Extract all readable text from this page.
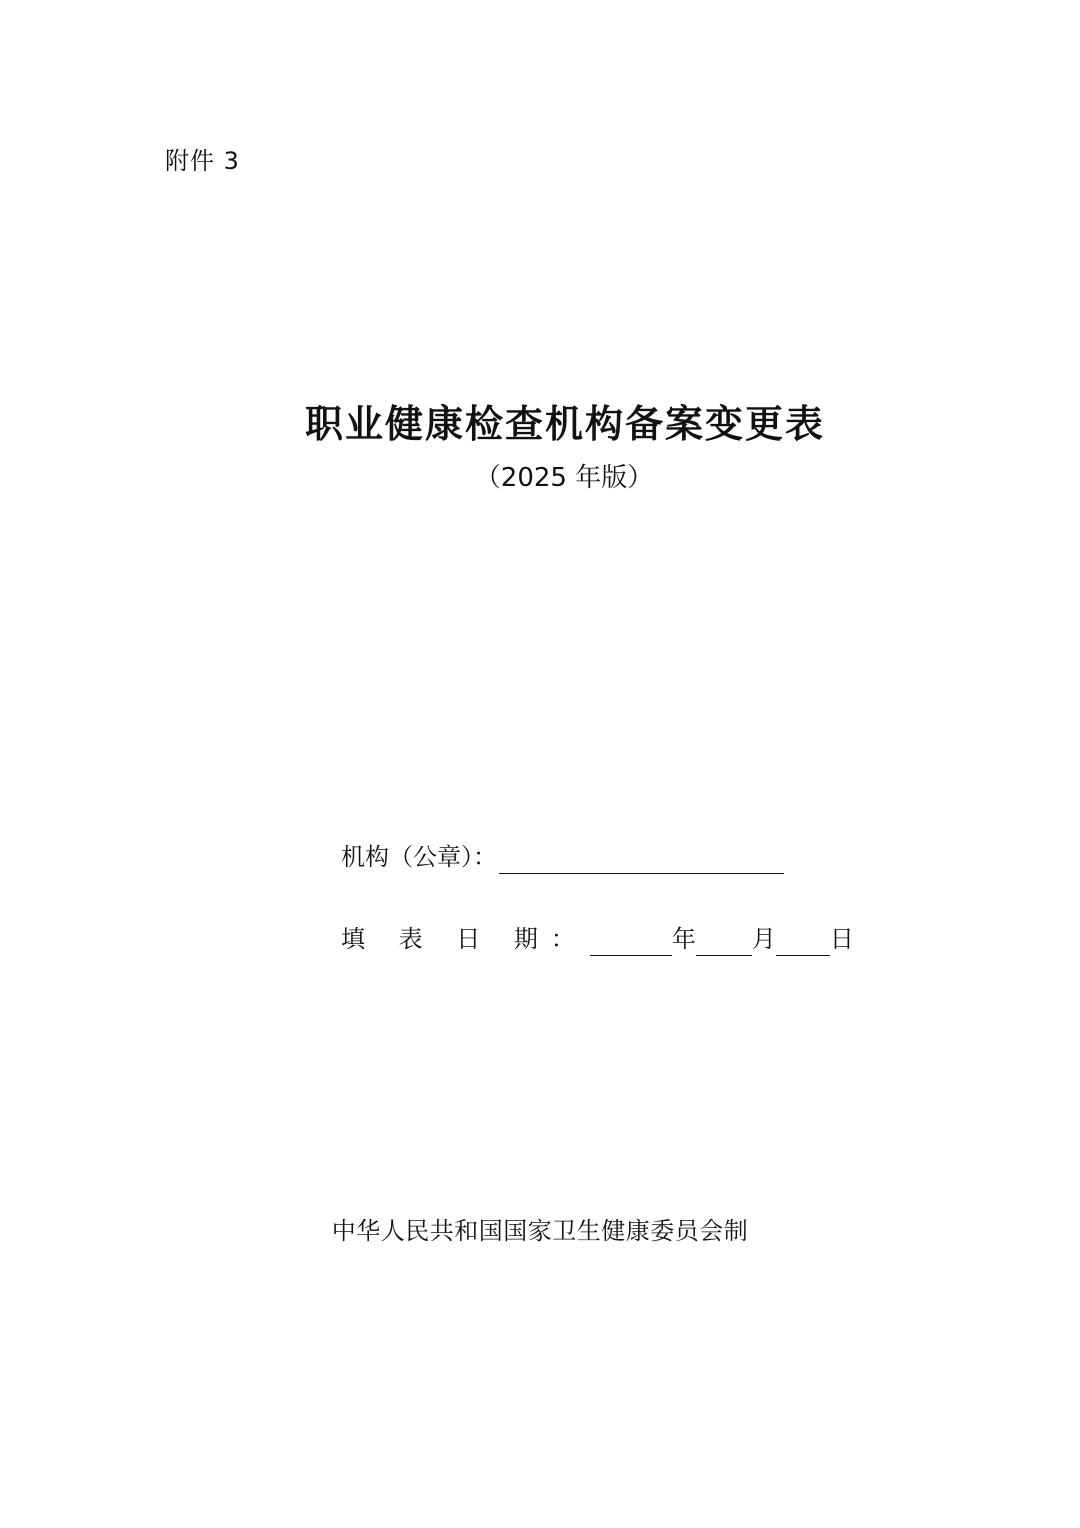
附件 3
职业健康检查机构备案变更表
（2025 年版）
机构（公章）：
填 表 日 期：	年 月 日
中华人民共和国国家卫生健康委员会制
